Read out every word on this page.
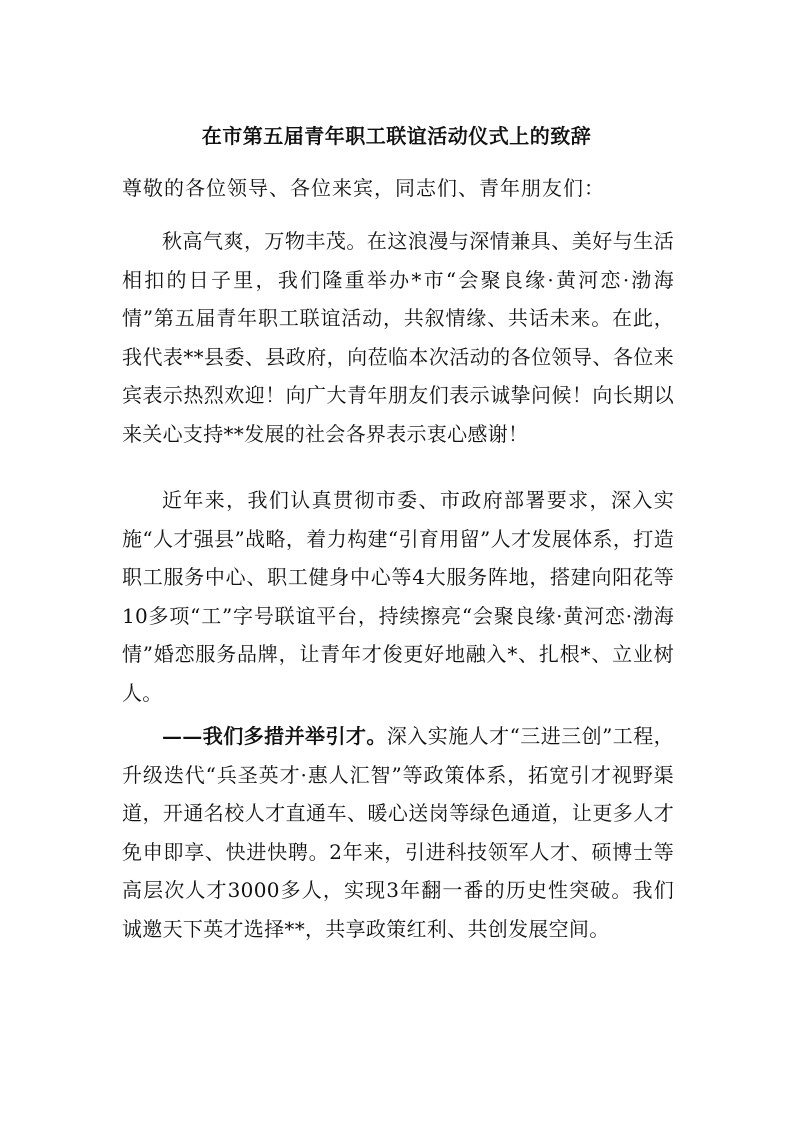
在市第五届青年职工联谊活动仪式上的致辞
尊敬的各位领导、各位来宾，同志们、青年朋友们：

秋高气爽，万物丰茂。在这浪漫与深情兼具、美好与生活相扣的日子里，我们隆重举办*市“会聚良缘·黄河恋·渤海情”第五届青年职工联谊活动，共叙情缘、共话未来。在此，我代表**县委、县政府，向莅临本次活动的各位领导、各位来宾表示热烈欢迎！向广大青年朋友们表示诚挚问候！向长期以来关心支持**发展的社会各界表示衷心感谢！

近年来，我们认真贯彻市委、市政府部署要求，深入实施“人才强县”战略，着力构建“引育用留”人才发展体系，打造职工服务中心、职工健身中心等4大服务阵地，搭建向阳花等10多项“工”字号联谊平台，持续擦亮“会聚良缘·黄河恋·渤海情”婚恋服务品牌，让青年才俊更好地融入*、扎根*、立业树人。

——我们多措并举引才。深入实施人才“三进三创”工程，升级迭代“兵圣英才·惠人汇智”等政策体系，拓宽引才视野渠道，开通名校人才直通车、暖心送岗等绿色通道，让更多人才免申即享、快进快聘。2年来，引进科技领军人才、硕博士等高层次人才3000多人，实现3年翻一番的历史性突破。我们诚邀天下英才选择**，共享政策红利、共创发展空间。
